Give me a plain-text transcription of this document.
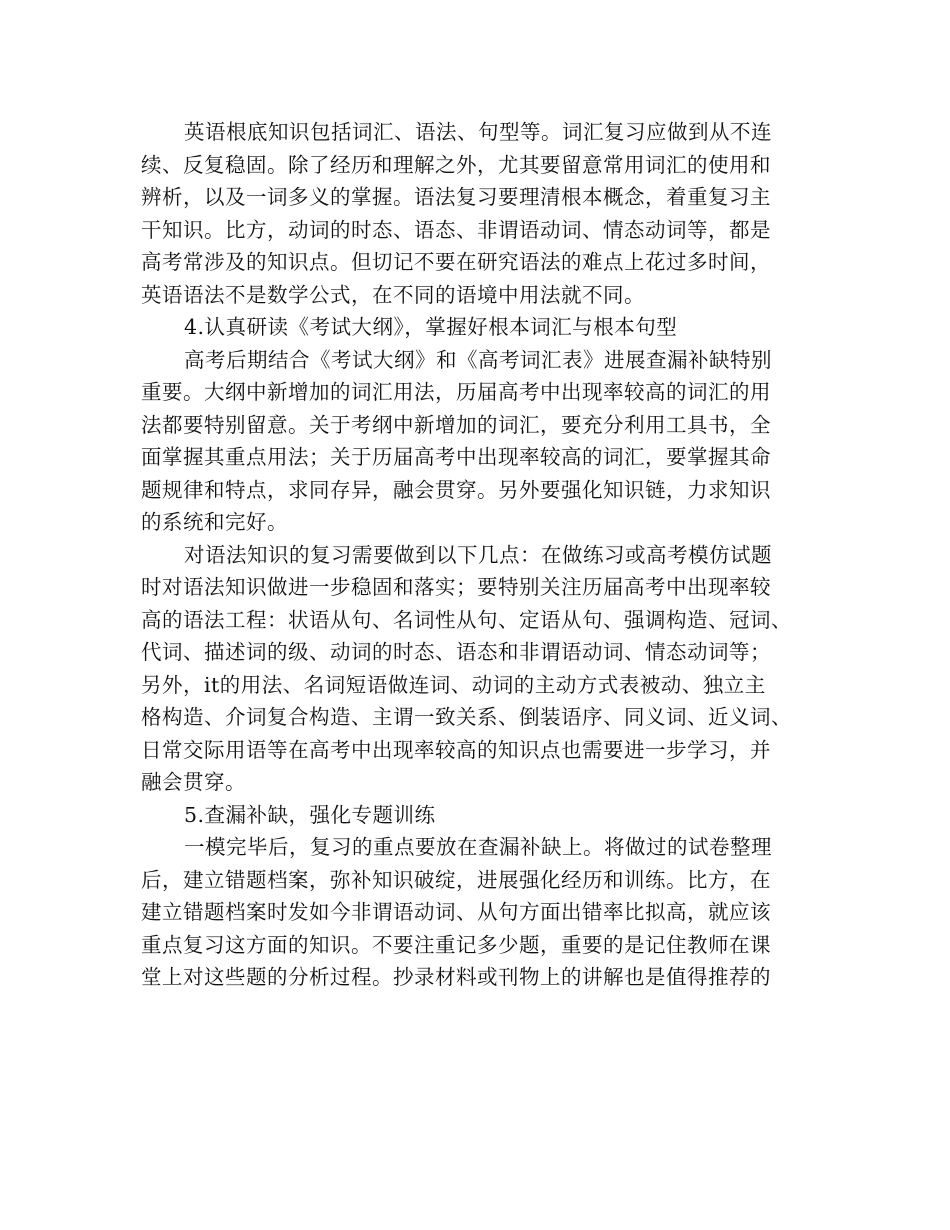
英语根底知识包括词汇、语法、句型等。词汇复习应做到从不连
续、反复稳固。除了经历和理解之外，尤其要留意常用词汇的使用和
辨析，以及一词多义的掌握。语法复习要理清根本概念，着重复习主
干知识。比方，动词的时态、语态、非谓语动词、情态动词等，都是
高考常涉及的知识点。但切记不要在研究语法的难点上花过多时间，
英语语法不是数学公式，在不同的语境中用法就不同。
4.认真研读《考试大纲》，掌握好根本词汇与根本句型
高考后期结合《考试大纲》和《高考词汇表》进展查漏补缺特别
重要。大纲中新增加的词汇用法，历届高考中出现率较高的词汇的用
法都要特别留意。关于考纲中新增加的词汇，要充分利用工具书，全
面掌握其重点用法；关于历届高考中出现率较高的词汇，要掌握其命
题规律和特点，求同存异，融会贯穿。另外要强化知识链，力求知识
的系统和完好。
对语法知识的复习需要做到以下几点：在做练习或高考模仿试题
时对语法知识做进一步稳固和落实；要特别关注历届高考中出现率较
高的语法工程：状语从句、名词性从句、定语从句、强调构造、冠词、
代词、描述词的级、动词的时态、语态和非谓语动词、情态动词等；
另外，it的用法、名词短语做连词、动词的主动方式表被动、独立主
格构造、介词复合构造、主谓一致关系、倒装语序、同义词、近义词、
日常交际用语等在高考中出现率较高的知识点也需要进一步学习，并
融会贯穿。
5.查漏补缺，强化专题训练
一模完毕后，复习的重点要放在查漏补缺上。将做过的试卷整理
后，建立错题档案，弥补知识破绽，进展强化经历和训练。比方，在
建立错题档案时发如今非谓语动词、从句方面出错率比拟高，就应该
重点复习这方面的知识。不要注重记多少题，重要的是记住教师在课
堂上对这些题的分析过程。抄录材料或刊物上的讲解也是值得推荐的
